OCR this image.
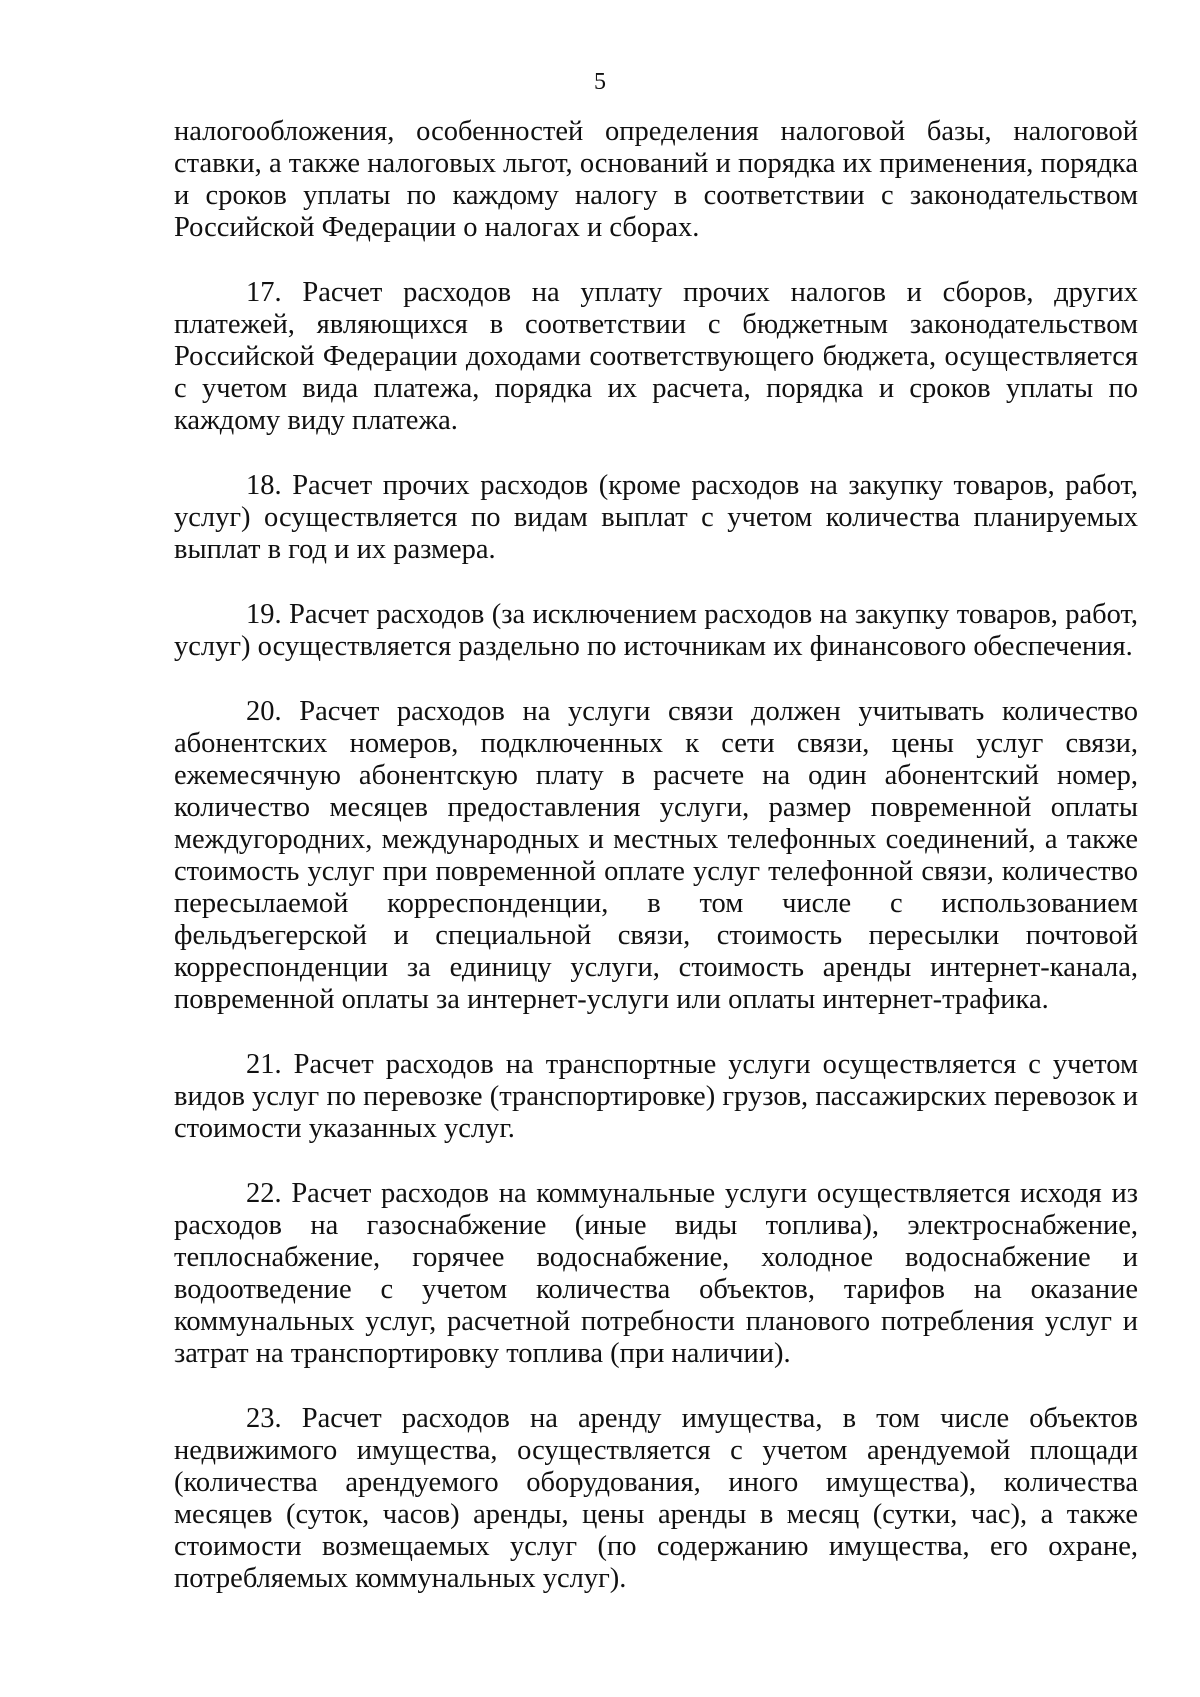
5

налогообложения, особенностей определения налоговой базы, налоговой ставки, а также налоговых льгот, оснований и порядка их применения, порядка и сроков уплаты по каждому налогу в соответствии с законодательством Российской Федерации о налогах и сборах.

17. Расчет расходов на уплату прочих налогов и сборов, других платежей, являющихся в соответствии с бюджетным законодательством Российской Федерации доходами соответствующего бюджета, осуществляется с учетом вида платежа, порядка их расчета, порядка и сроков уплаты по каждому виду платежа.

18. Расчет прочих расходов (кроме расходов на закупку товаров, работ, услуг) осуществляется по видам выплат с учетом количества планируемых выплат в год и их размера.

19. Расчет расходов (за исключением расходов на закупку товаров, работ, услуг) осуществляется раздельно по источникам их финансового обеспечения.

20. Расчет расходов на услуги связи должен учитывать количество абонентских номеров, подключенных к сети связи, цены услуг связи, ежемесячную абонентскую плату в расчете на один абонентский номер, количество месяцев предоставления услуги, размер повременной оплаты междугородних, международных и местных телефонных соединений, а также стоимость услуг при повременной оплате услуг телефонной связи, количество пересылаемой корреспонденции, в том числе с использованием фельдъегерской и специальной связи, стоимость пересылки почтовой корреспонденции за единицу услуги, стоимость аренды интернет-канала, повременной оплаты за интернет-услуги или оплаты интернет-трафика.

21. Расчет расходов на транспортные услуги осуществляется с учетом видов услуг по перевозке (транспортировке) грузов, пассажирских перевозок и стоимости указанных услуг.

22. Расчет расходов на коммунальные услуги осуществляется исходя из расходов на газоснабжение (иные виды топлива), электроснабжение, теплоснабжение, горячее водоснабжение, холодное водоснабжение и водоотведение с учетом количества объектов, тарифов на оказание коммунальных услуг, расчетной потребности планового потребления услуг и затрат на транспортировку топлива (при наличии).

23. Расчет расходов на аренду имущества, в том числе объектов недвижимого имущества, осуществляется с учетом арендуемой площади (количества арендуемого оборудования, иного имущества), количества месяцев (суток, часов) аренды, цены аренды в месяц (сутки, час), а также стоимости возмещаемых услуг (по содержанию имущества, его охране, потребляемых коммунальных услуг).
